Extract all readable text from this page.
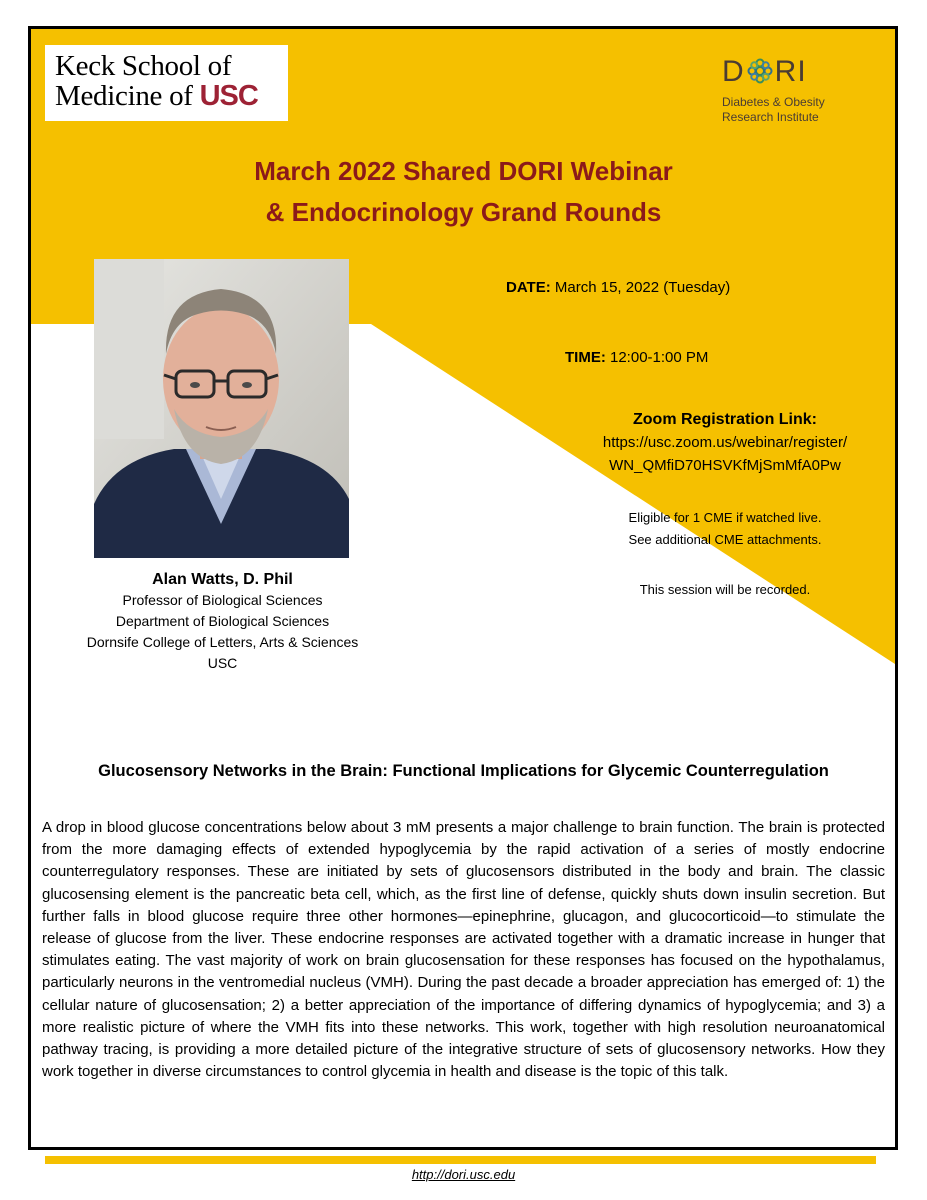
Keck School of
Medicine of USC
D RI
Diabetes & Obesity
Research Institute
March 2022 Shared DORI Webinar
& Endocrinology Grand Rounds
Alan Watts, D. Phil
Professor of Biological Sciences
Department of Biological Sciences
Dornsife College of Letters, Arts & Sciences
USC
DATE: March 15, 2022 (Tuesday)
TIME: 12:00-1:00 PM
Zoom Registration Link:
https://usc.zoom.us/webinar/register/
WN_QMfiD70HSVKfMjSmMfA0Pw
Eligible for 1 CME if watched live.
See additional CME attachments.
This session will be recorded.
Glucosensory Networks in the Brain: Functional Implications for Glycemic Counterregulation
A drop in blood glucose concentrations below about 3 mM presents a major challenge to brain function. The brain is protected from the more damaging effects of extended hypoglycemia by the rapid activation of a series of mostly endocrine counterregulatory responses. These are initiated by sets of glucosensors distributed in the body and brain. The classic glucosensing element is the pancreatic beta cell, which, as the first line of defense, quickly shuts down insulin secretion. But further falls in blood glucose require three other hormones—epinephrine, glucagon, and glucocorticoid—to stimulate the release of glucose from the liver. These endocrine responses are activated together with a dramatic increase in hunger that stimulates eating. The vast majority of work on brain glucosensation for these responses has focused on the hypothalamus, particularly neurons in the ventromedial nucleus (VMH). During the past decade a broader appreciation has emerged of: 1) the cellular nature of glucosensation; 2) a better appreciation of the importance of differing dynamics of hypoglycemia; and 3) a more realistic picture of where the VMH fits into these networks. This work, together with high resolution neuroanatomical pathway tracing, is providing a more detailed picture of the integrative structure of sets of glucosensory networks. How they work together in diverse circumstances to control glycemia in health and disease is the topic of this talk.
http://dori.usc.edu
